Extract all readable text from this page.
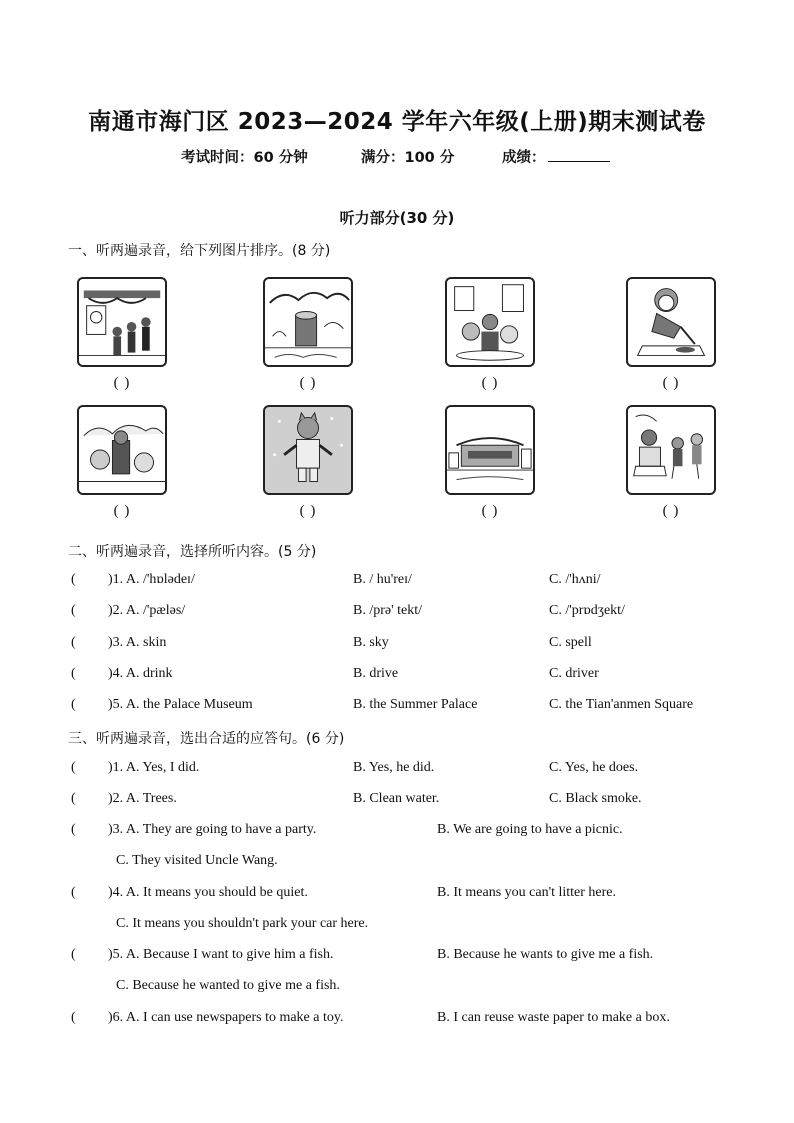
南通市海门区 2023—2024 学年六年级(上册)期末测试卷
考试时间：60 分钟	满分：100 分	成绩：
听力部分(30 分)
一、听两遍录音，给下列图片排序。(8 分)
( )	( )	( )	( )
( )	( )	( )	( )
二、听两遍录音，选择所听内容。(5 分)
( )1. A. /'hɒlədeɪ/	B. / hu'reɪ/	C. /'hʌni/
( )2. A. /'pæləs/	B. /prə' tekt/	C. /'prɒdʒekt/
( )3. A. skin	B. sky	C. spell
( )4. A. drink	B. drive	C. driver
( )5. A. the Palace Museum	B. the Summer Palace	C. the Tian'anmen Square
三、听两遍录音，选出合适的应答句。(6 分)
( )1. A. Yes, I did.	B. Yes, he did.	C. Yes, he does.
( )2. A. Trees.	B. Clean water.	C. Black smoke.
( )3. A. They are going to have a party.	B. We are going to have a picnic.
C. They visited Uncle Wang.
( )4. A. It means you should be quiet.	B. It means you can't litter here.
C. It means you shouldn't park your car here.
( )5. A. Because I want to give him a fish.	B. Because he wants to give me a fish.
C. Because he wanted to give me a fish.
( )6. A. I can use newspapers to make a toy.	B. I can reuse waste paper to make a box.
